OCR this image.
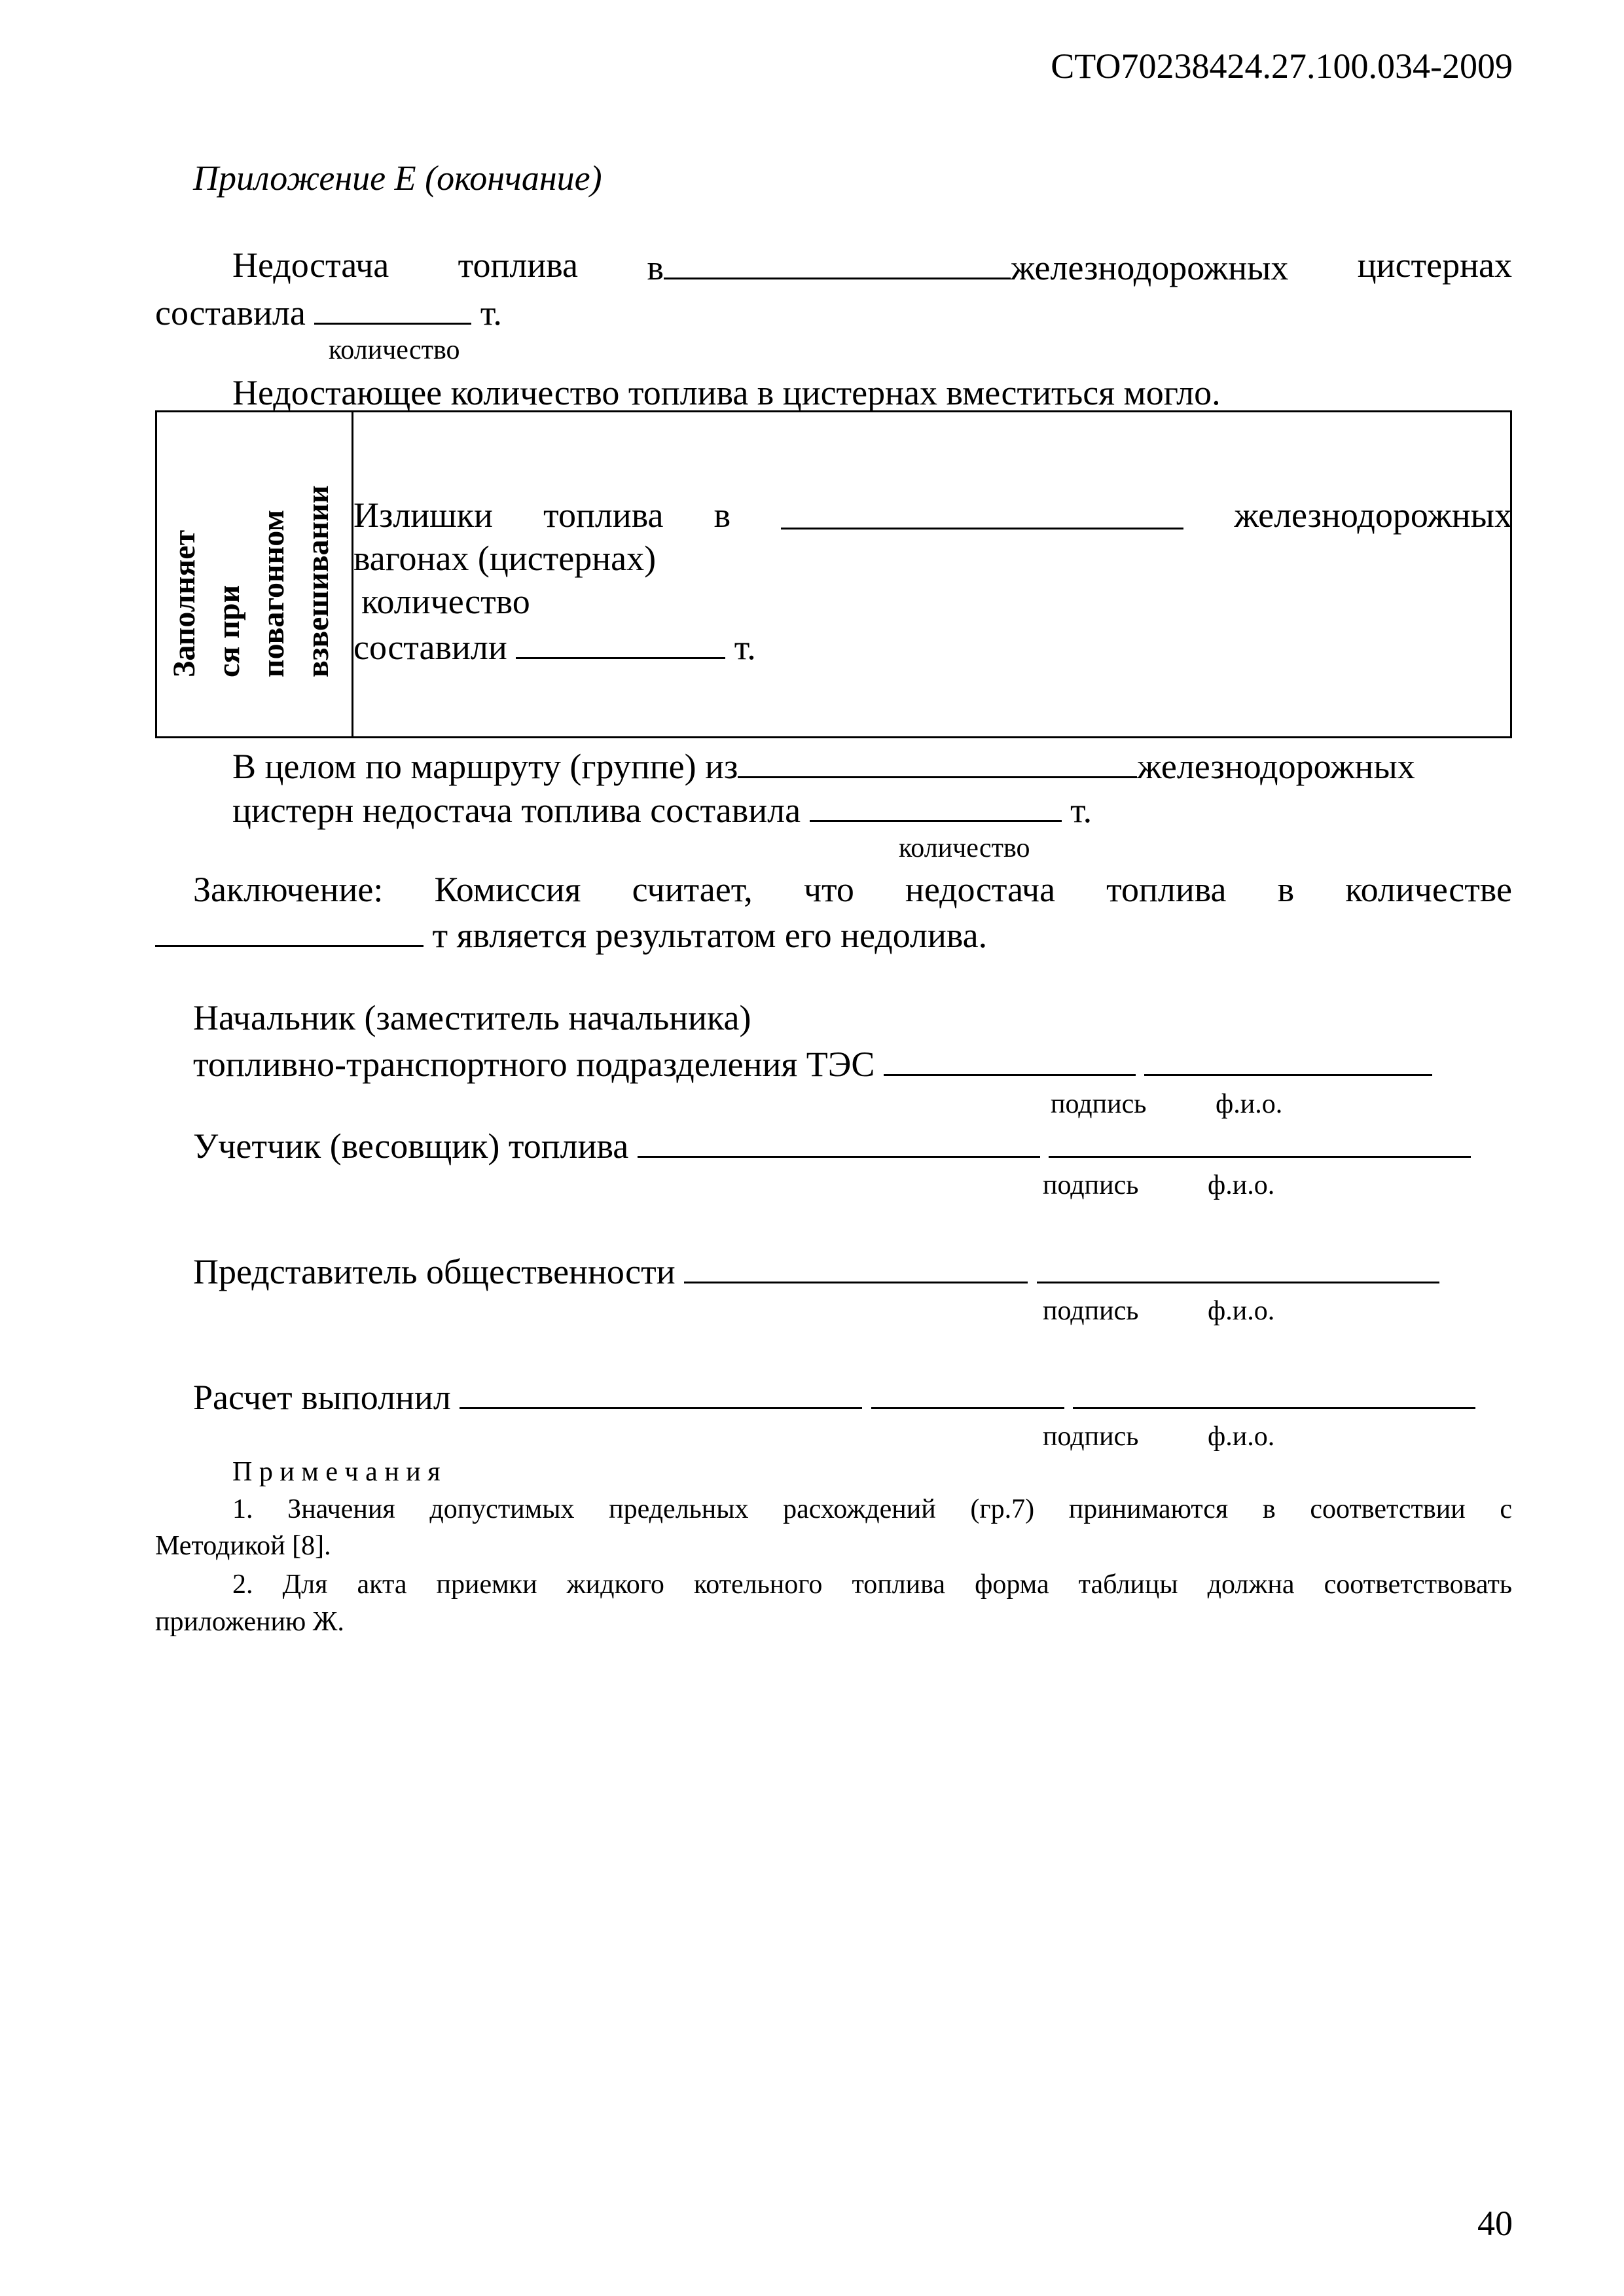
СТО70238424.27.100.034-2009
Приложение Е (окончание)
Недостача топлива в	железнодорожных цистернах
составила	т.
количество
Недостающее количество топлива в цистернах вместиться могло.
Заполняет ся при повагонном взвешивании Излишки топлива в	железнодорожных
вагонах (цистернах)
количество
составили	т.
В целом по маршруту (группе) из	железнодорожных
цистерн недостача топлива составила	т.
количество
Заключение: Комиссия считает, что недостача топлива в количестве
т является результатом его недолива.
Начальник (заместитель начальника)
топливно-транспортного подразделения ТЭС
подпись	ф.и.о.
Учетчик (весовщик) топлива
подпись	ф.и.о.
Представитель общественности
подпись	ф.и.о.
Расчет выполнил
подпись	ф.и.о.
П р и м е ч а н и я
1. Значения допустимых предельных расхождений (гр.7) принимаются в соответствии с
Методикой [8].
2. Для акта приемки жидкого котельного топлива форма таблицы должна соответствовать
приложению Ж.
40
